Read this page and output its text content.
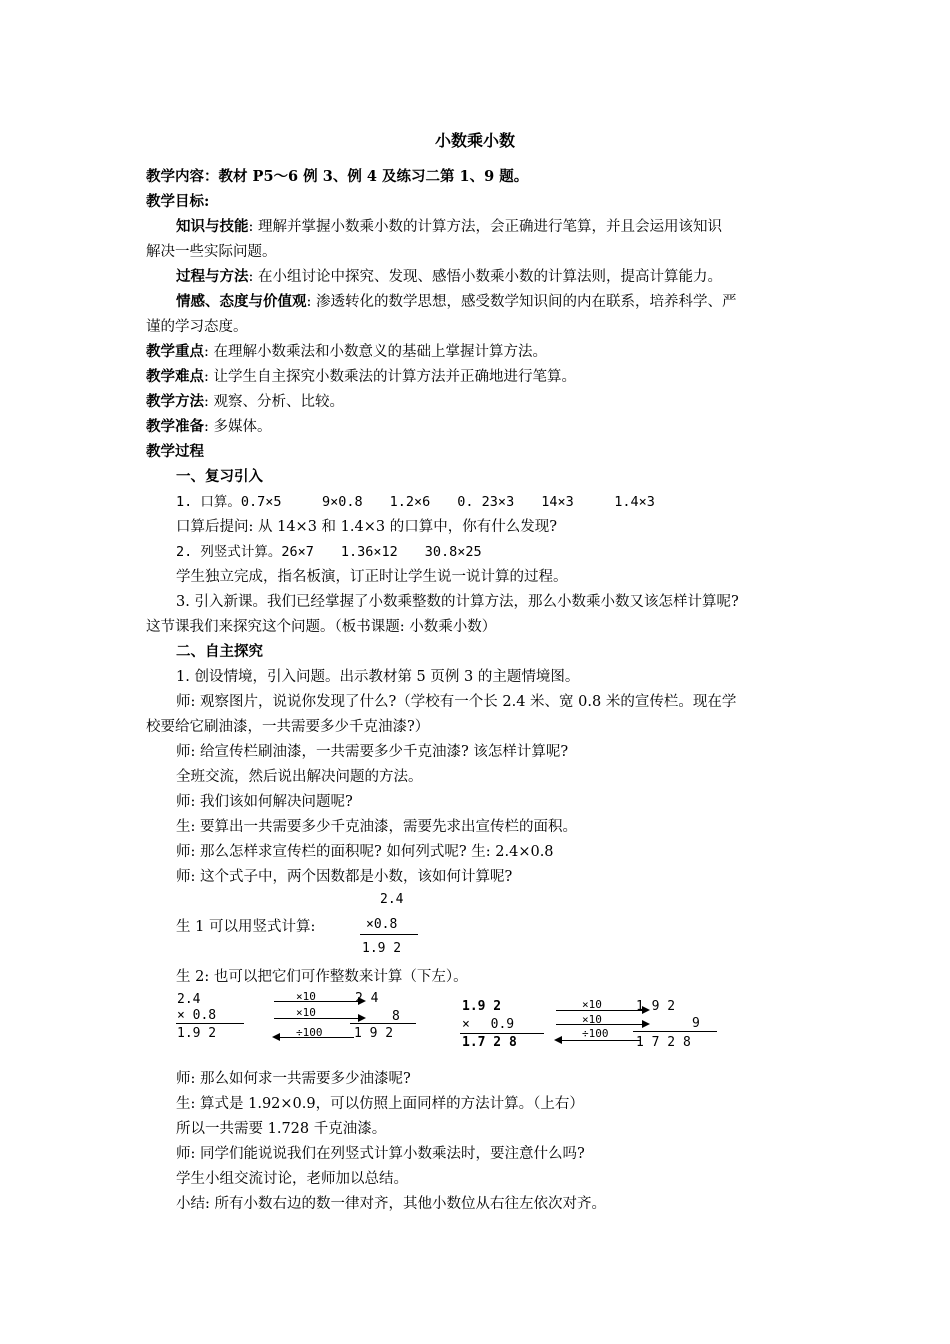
小数乘小数
教学内容：教材 P5～6 例 3、例 4 及练习二第 1、9 题。
教学目标:
知识与技能: 理解并掌握小数乘小数的计算方法，会正确进行笔算，并且会运用该知识
解决一些实际问题。
过程与方法: 在小组讨论中探究、发现、感悟小数乘小数的计算法则，提高计算能力。
情感、态度与价值观: 渗透转化的数学思想，感受数学知识间的内在联系，培养科学、严
谨的学习态度。
教学重点: 在理解小数乘法和小数意义的基础上掌握计算方法。
教学难点: 让学生自主探究小数乘法的计算方法并正确地进行笔算。
教学方法: 观察、分析、比较。
教学准备: 多媒体。
教学过程
一、复习引入
1. 口算。0.7×5　　　9×0.8　　1.2×6　　0. 23×3　　14×3　　　1.4×3
口算后提问: 从 14×3 和 1.4×3 的口算中，你有什么发现?
2. 列竖式计算。26×7　　1.36×12　　30.8×25
学生独立完成，指名板演，订正时让学生说一说计算的过程。
3. 引入新课。我们已经掌握了小数乘整数的计算方法，那么小数乘小数又该怎样计算呢?
这节课我们来探究这个问题。（板书课题: 小数乘小数）
二、自主探究
1. 创设情境，引入问题。出示教材第 5 页例 3 的主题情境图。
师: 观察图片，说说你发现了什么?（学校有一个长 2.4 米、宽 0.8 米的宣传栏。现在学
校要给它刷油漆，一共需要多少千克油漆?）
师: 给宣传栏刷油漆，一共需要多少千克油漆? 该怎样计算呢?
全班交流，然后说出解决问题的方法。
师: 我们该如何解决问题呢?
生: 要算出一共需要多少千克油漆，需要先求出宣传栏的面积。
师: 那么怎样求宣传栏的面积呢? 如何列式呢? 生: 2.4×0.8
师: 这个式子中，两个因数都是小数，该如何计算呢?
生 1 可以用竖式计算:
2.4
×0.8
1.9 2
生 2: 也可以把它们可作整数来计算（下左）。
2.4
× 0.8
1.9 2
×10
×10
÷100
2 4
8
1 9 2
1.9 2
×　 0.9
1.7 2 8
×10
×10
÷100
1 9 2
9
1 7 2 8
师: 那么如何求一共需要多少油漆呢?
生: 算式是 1.92×0.9，可以仿照上面同样的方法计算。（上右）
所以一共需要 1.728 千克油漆。
师: 同学们能说说我们在列竖式计算小数乘法时，要注意什么吗?
学生小组交流讨论，老师加以总结。
小结: 所有小数右边的数一律对齐，其他小数位从右往左依次对齐。
